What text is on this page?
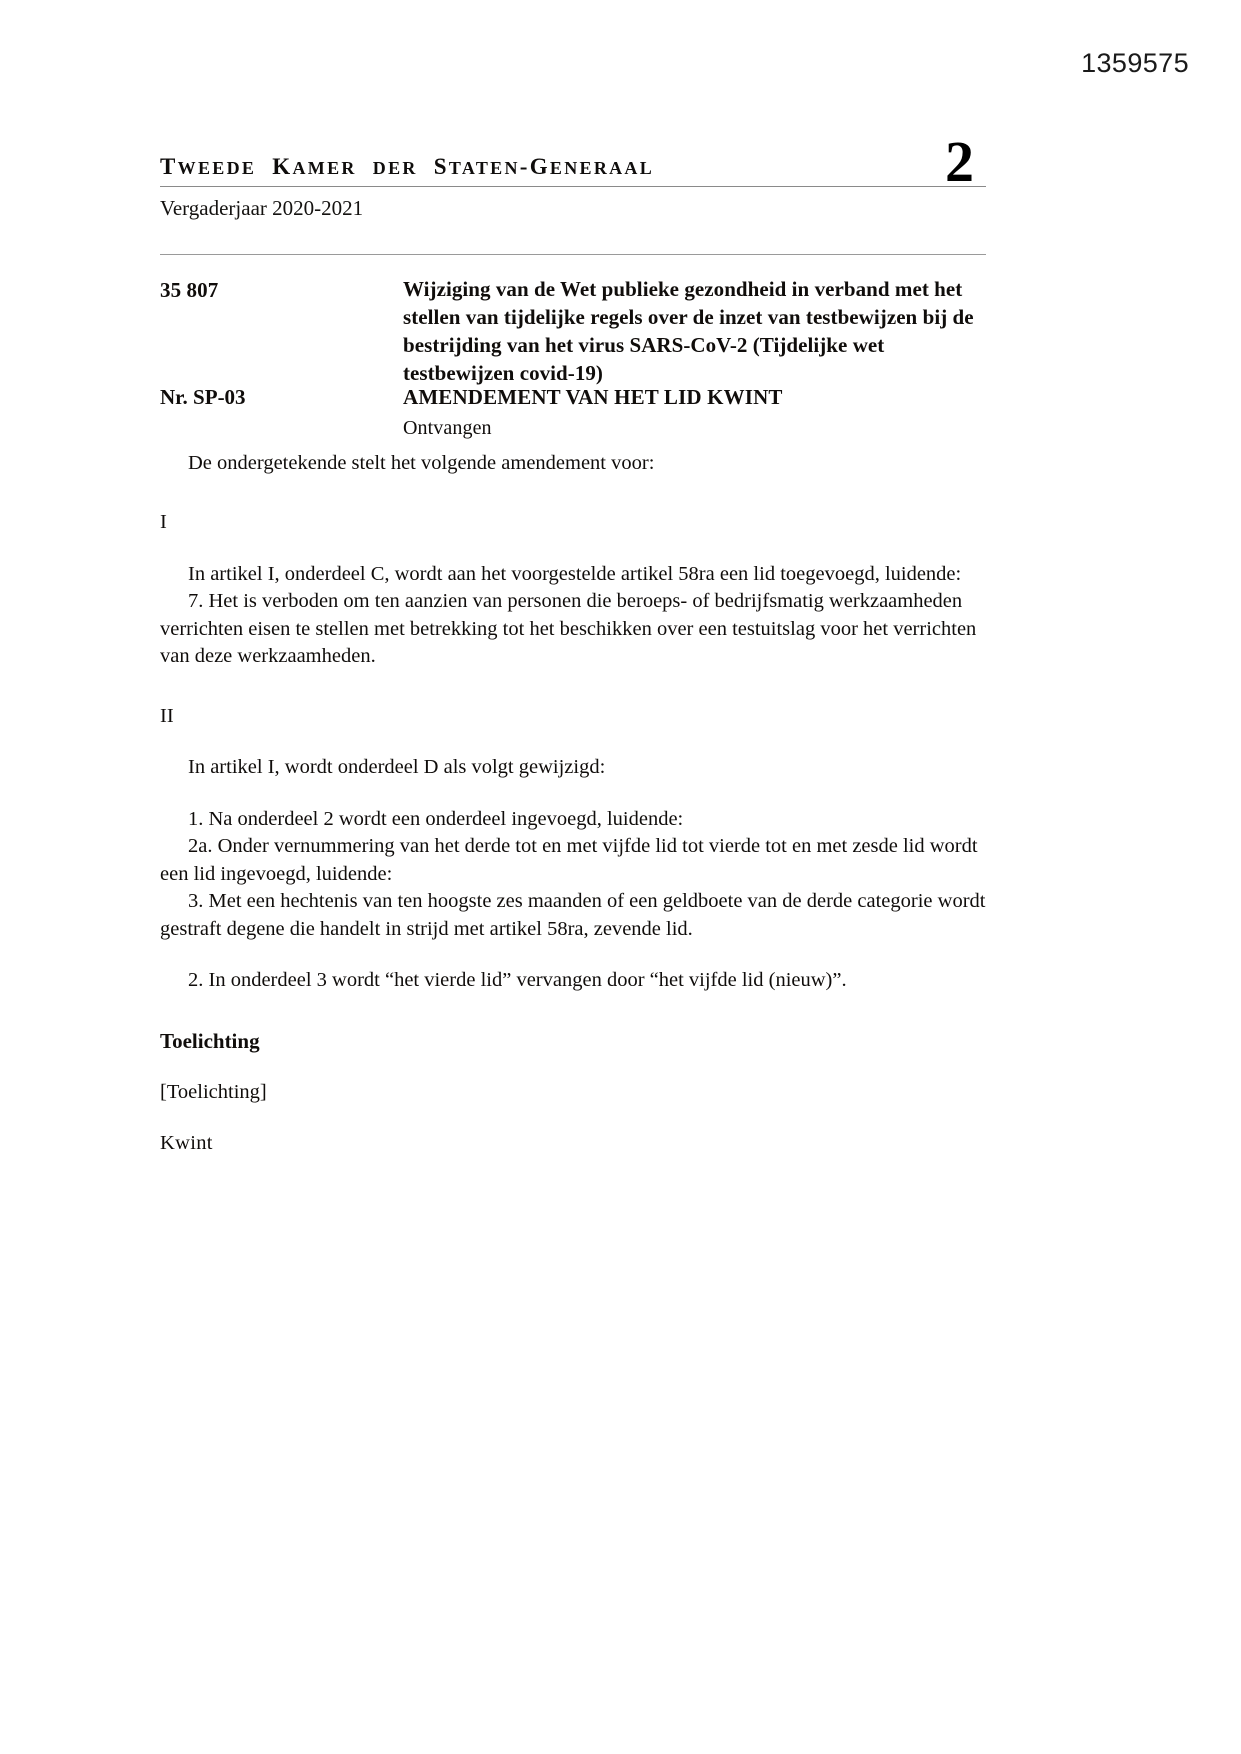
1359575
TWEEDE  KAMER DER  STATEN-GENERAAL	2
Vergaderjaar 2020-2021
35 807	Wijziging van de Wet publieke gezondheid in verband met het stellen van tijdelijke regels over de inzet van testbewijzen bij de bestrijding van het virus SARS-CoV-2 (Tijdelijke wet testbewijzen covid-19)
Nr. SP-03	AMENDEMENT VAN HET LID KWINT
Ontvangen

De ondergetekende stelt het volgende amendement voor:

I

In artikel I, onderdeel C, wordt aan het voorgestelde artikel 58ra een lid toegevoegd, luidende:

7. Het is verboden om ten aanzien van personen die beroeps- of bedrijfsmatig werkzaamheden verrichten eisen te stellen met betrekking tot het beschikken over een testuitslag voor het verrichten van deze werkzaamheden.

II

In artikel I, wordt onderdeel D als volgt gewijzigd:

1. Na onderdeel 2 wordt een onderdeel ingevoegd, luidende:

2a. Onder vernummering van het derde tot en met vijfde lid tot vierde tot en met zesde lid wordt een lid ingevoegd, luidende:

3. Met een hechtenis van ten hoogste zes maanden of een geldboete van de derde categorie wordt gestraft degene die handelt in strijd met artikel 58ra, zevende lid.

2. In onderdeel 3 wordt “het vierde lid” vervangen door “het vijfde lid (nieuw)”.

Toelichting

[Toelichting]

Kwint
